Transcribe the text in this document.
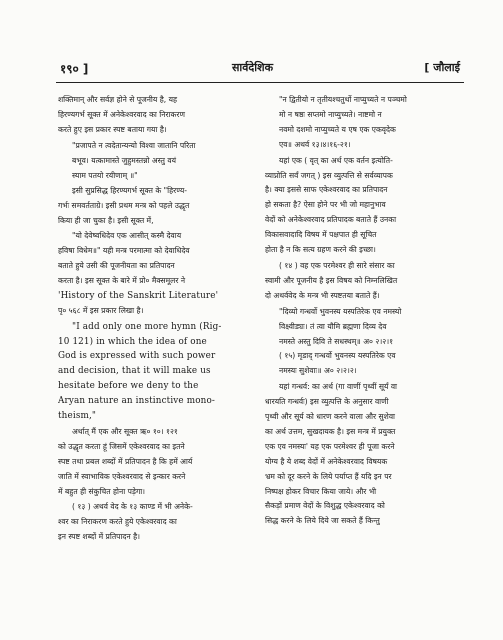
१९० ]	सार्वदेशिक	[ जौलाई

शक्तिमान् और सर्वज्ञ होने से पूजनीय है, यह

हिरण्यगर्भ सूक्त में अनेकेश्वरवाद का निराकरण

करते हुए इस प्रकार स्पष्ट बताया गया है।

"प्रजापते न त्वदेतान्यन्यो विश्वा जातानि परिता

बभूव। यत्कामास्ते जुहुमस्तन्नो अस्तु वयं

स्याम पतयो रयीणाम् ॥"

इसी सुप्रसिद्ध हिरण्यगर्भ सूक्त के "हिरण्य-

गर्भः समवर्तताग्रे। इसी प्रथम मन्त्र को पहले उद्धृत

किया ही जा चुका है। इसी सूक्त में,

"यो देवेष्वधिदेव एक आसीत् कस्मै देवाय

हविषा विधेम॥" यही मन्त्र परमात्मा को देवाधिदेव

बताते हुये उसी की पूजनीयता का प्रतिपादन

करता है। इस सूक्त के बारे में प्रो० मैक्समूलर ने

'History of the Sanskrit Literature'

पृ० ५६८ में इस प्रकार लिखा है।

"I add only one more hymn (Rig-

10 121) in which the idea of one

God is expressed with such power

and decision, that it will make us

hesitate before we deny to the

Aryan nature an instinctive mono-

theism,"

अर्थात् मैं एक और सूक्त ऋ० १०। १२१

को उद्धृत करता हूं जिसमें एकेश्वरवाद का इतने

स्पष्ट तथा प्रबल शब्दों में प्रतिपादन है कि हमें आर्य

जाति में स्वाभाविक एकेश्वरवाद से इन्कार करने

में बहुत ही संकुचित होना पड़ेगा।

( १३ ) अथर्व वेद के १३ काण्ड में भी अनेके-

श्वर का निराकरण करते हुये एकेश्वरवाद का

इन स्पष्ट शब्दों में प्रतिपादन है।

"न द्वितीयो न तृतीयश्चतुर्थो नाप्युच्यते न पञ्चमो

मो न षष्ठः सप्तमो नाप्युच्यते। नाष्टमो न

नवमो दशमो नाप्युच्यते य एष एक एकवृदेक

एव॥ अथर्व १३।४।१६-२१।

यहां एक ( वृत् का अर्थ एक वर्तन इत्योति-

व्याप्नोति सर्वं जगत् ) इस व्युत्पत्ति से सर्वव्यापक

है। क्या इससे साफ एकेश्वरवाद का प्रतिपादन

हो सकता है? ऐसा होने पर भी जो महानुभाव

वेदों को अनेकेश्वरवाद प्रतिपादक बताते हैं उनका

विकासवादादि विषय में पक्षपात ही सूचित

होता है न कि सत्य ग्रहण करने की इच्छा।

( १४ ) वह एक परमेश्वर ही सारे संसार का

स्वामी और पूजनीय है इस विषय को निम्नलिखित

दो अथर्ववेद के मन्त्र भी स्पष्टतया बताते हैं।

"दिव्यो गन्धर्वो भुवनस्य यस्पतिरेक एव नमस्यो

विक्ष्वीड्यः। तं त्वा यौमि ब्रह्मणा दिव्य देव

नमस्ते अस्तु दिवि ते सधस्थम्॥ अ० २।२।१

( १५) मृडाद् गन्धर्वो भुवनस्य यस्पतिरेक एव

नमस्यः सुशेवाः॥ अ० २।२।२।

यहां गन्धर्व: का अर्थ (गा वाणीं पृथ्वीं सूर्यं वा

धारयति गन्धर्वः) इस व्युत्पत्ति के अनुसार वाणी

पृथ्वी और सूर्य को धारण करने वाला और सुशेवा

का अर्थ उत्तम, सुखदायक है। इस मन्त्र में प्रयुक्त

एक एव नमस्यः' यह एक परमेश्वर ही पूजा करने

योग्य है ये शब्द वेदों में अनेकेश्वरवाद विषयक

भ्रम को दूर करने के लिये पर्याप्त हैं यदि इन पर

निष्पक्ष होकर विचार किया जाये। और भी

सैकड़ों प्रमाण वेदों के विशुद्ध एकेश्वरवाद को

सिद्ध करने के लिये दिये जा सकते हैं किन्तु
